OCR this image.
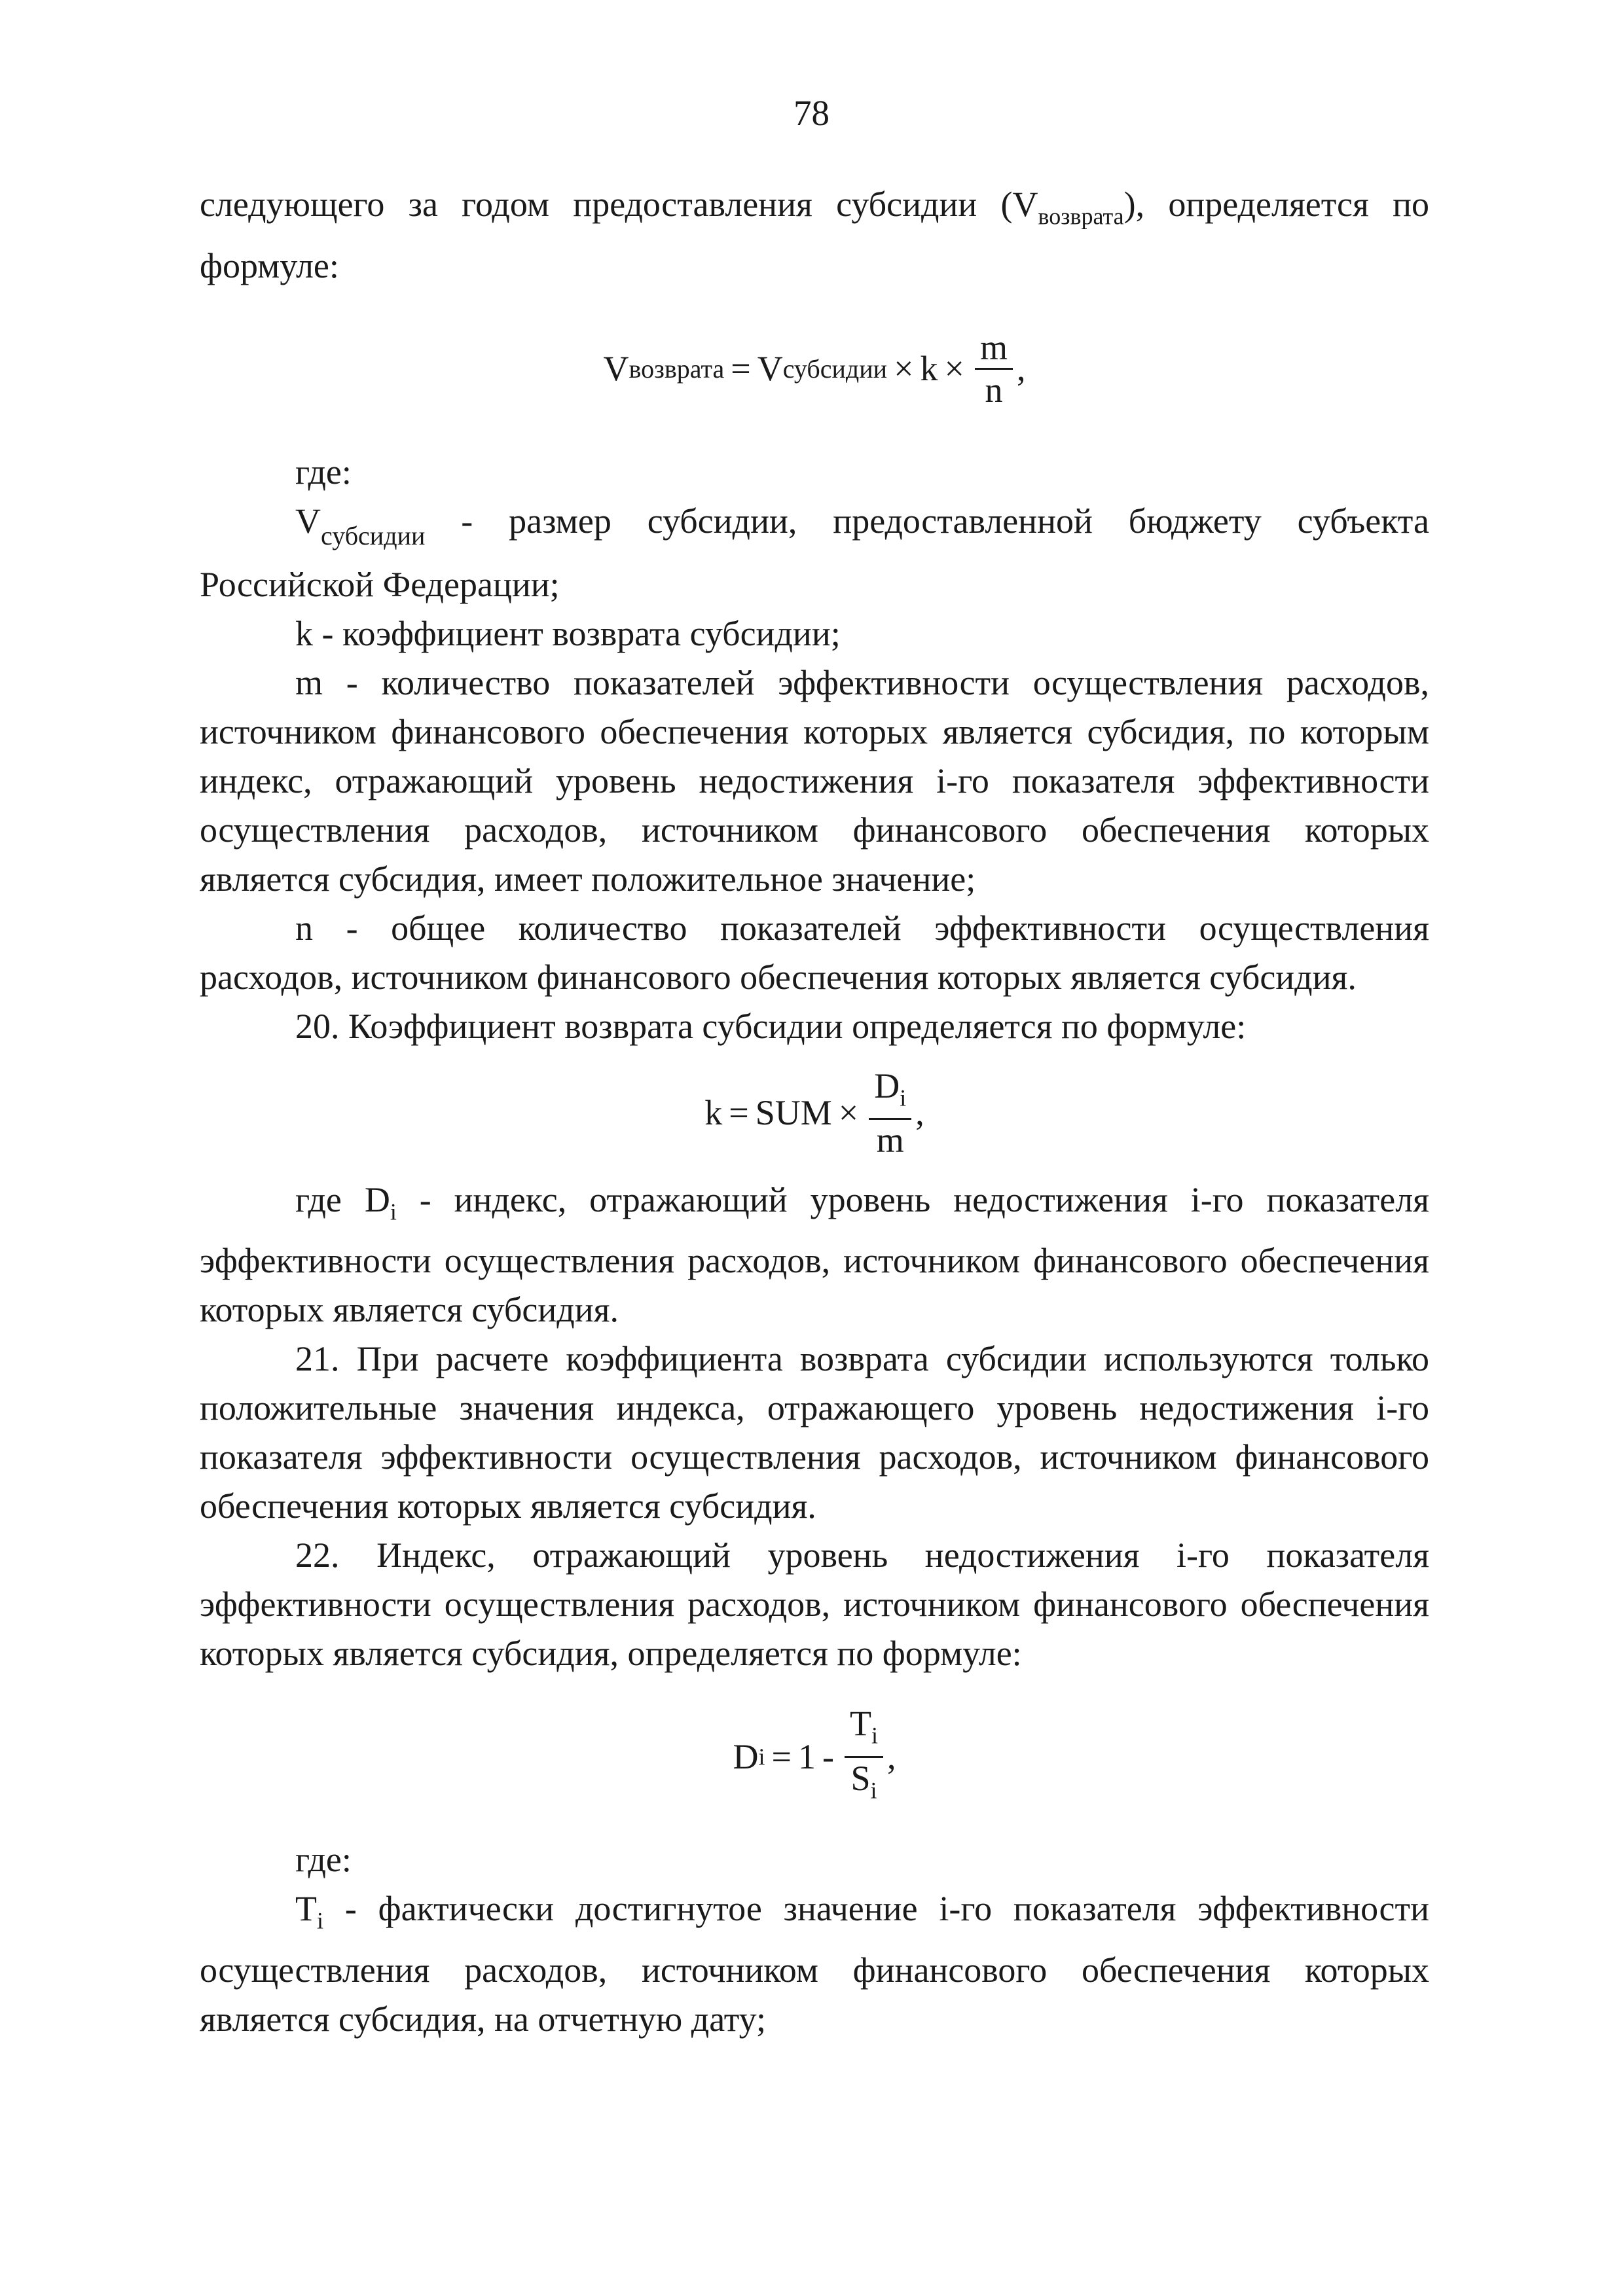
78

следующего за годом предоставления субсидии $(V_{возврата})$, определяется по формуле:

V возврата = V субсидии × $k \times \frac{m}{n}$ ,

где:

$V_{субсидии}$ - размер субсидии, предоставленной бюджету субъекта Российской Федерации;

k - коэффициент возврата субсидии;

m - количество показателей эффективности осуществления расходов, источником финансового обеспечения которых является субсидия, по которым индекс, отражающий уровень недостижения i-го показателя эффективности осуществления расходов, источником финансового обеспечения которых является субсидия, имеет положительное значение;

n - общее количество показателей эффективности осуществления расходов, источником финансового обеспечения которых является субсидия.

20. Коэффициент возврата субсидии определяется по формуле:

k = SUM × $\frac{D_i}{m}$ ,

где $D_i$ - индекс, отражающий уровень недостижения i-го показателя эффективности осуществления расходов, источником финансового обеспечения которых является субсидия.

21. При расчете коэффициента возврата субсидии используются только положительные значения индекса, отражающего уровень недостижения i-го показателя эффективности осуществления расходов, источником финансового обеспечения которых является субсидия.

22. Индекс, отражающий уровень недостижения i-го показателя эффективности осуществления расходов, источником финансового обеспечения которых является субсидия, определяется по формуле:

D $i = 1 - \frac{T_i}{S_i}$ ,

где:

$T_i$ - фактически достигнутое значение i-го показателя эффективности осуществления расходов, источником финансового обеспечения которых является субсидия, на отчетную дату;
